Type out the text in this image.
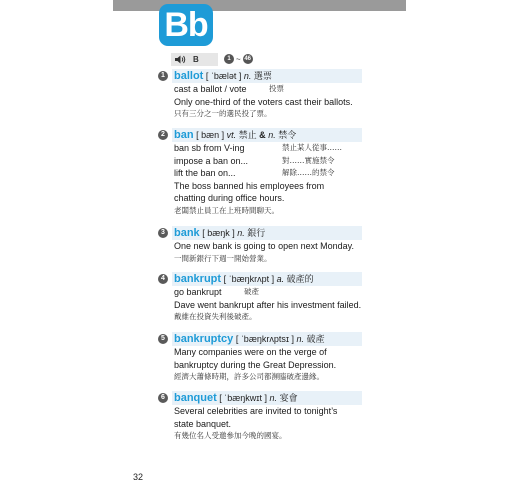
Bb
B	1 ~ 46
1 ballot [ ˈbælət ] n. 選票
cast a ballot / vote	投票
Only one-third of the voters cast their ballots.
只有三分之一的選民投了票。
2 ban [ bæn ] vt. 禁止 & n. 禁令
ban sb from V-ing	禁止某人從事……
impose a ban on...	對……實施禁令
lift the ban on...	解除……的禁令
The boss banned his employees from
chatting during office hours.
老闆禁止員工在上班時間聊天。
3 bank [ bæŋk ] n. 銀行
One new bank is going to open next Monday.
一間新銀行下週一開始營業。
4 bankrupt [ ˈbæŋkrʌpt ] a. 破產的
go bankrupt	破產
Dave went bankrupt after his investment failed.
戴維在投資失利後破產。
5 bankruptcy [ ˈbæŋkrʌptsɪ ] n. 破產
Many companies were on the verge of
bankruptcy during the Great Depression.
經濟大蕭條時期，許多公司都瀕臨破產邊緣。
6 banquet [ ˈbæŋkwɪt ] n. 宴會
Several celebrities are invited to tonight’s
state banquet.
有幾位名人受邀參加今晚的國宴。
32
